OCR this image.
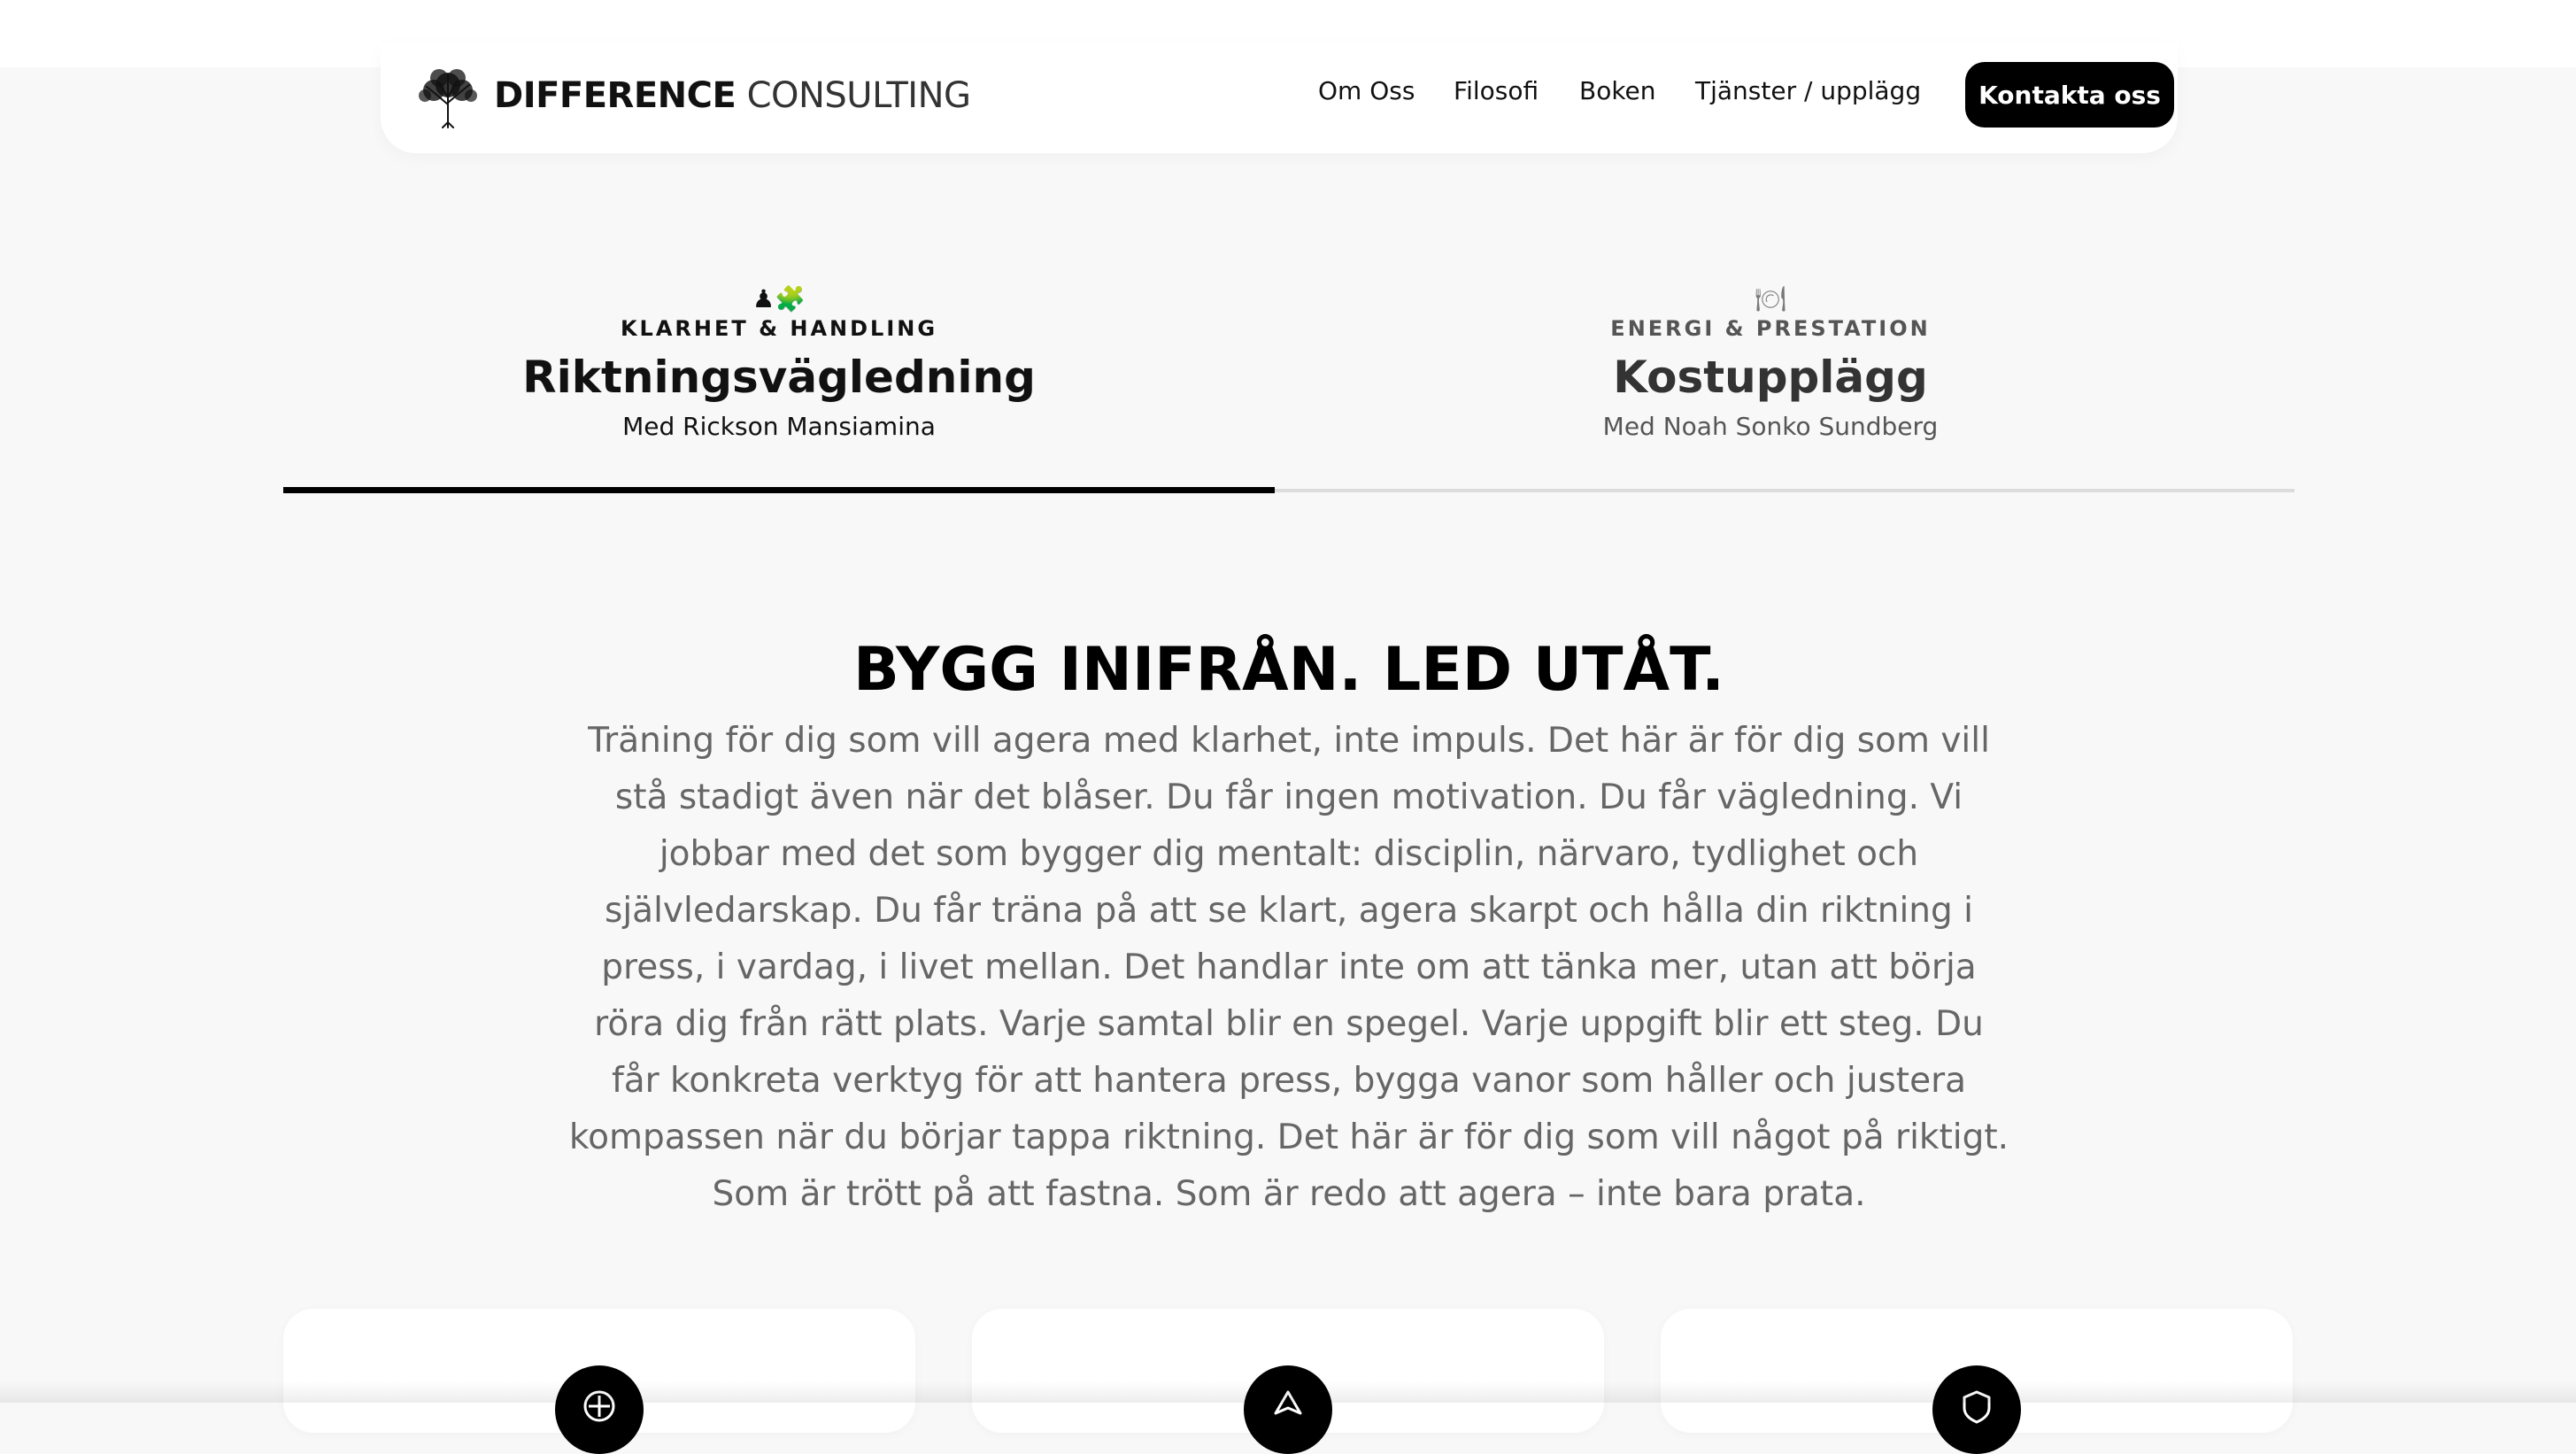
DIFFERENCE CONSULTING	Om Oss Filosofi Boken Tjänster / upplägg	Kontakta oss
♟🧩
KLARHET & HANDLING
Riktningsvägledning
Med Rickson Mansiamina
🍽
ENERGI & PRESTATION
Kostupplägg
Med Noah Sonko Sundberg
BYGG INIFRÅN. LED UTÅT.
Träning för dig som vill agera med klarhet, inte impuls. Det här är för dig som vill stå stadigt även när det blåser. Du får ingen motivation. Du får vägledning. Vi jobbar med det som bygger dig mentalt: disciplin, närvaro, tydlighet och självledarskap. Du får träna på att se klart, agera skarpt och hålla din riktning i press, i vardag, i livet mellan. Det handlar inte om att tänka mer, utan att börja röra dig från rätt plats. Varje samtal blir en spegel. Varje uppgift blir ett steg. Du får konkreta verktyg för att hantera press, bygga vanor som håller och justera kompassen när du börjar tappa riktning. Det här är för dig som vill något på riktigt. Som är trött på att fastna. Som är redo att agera – inte bara prata.
